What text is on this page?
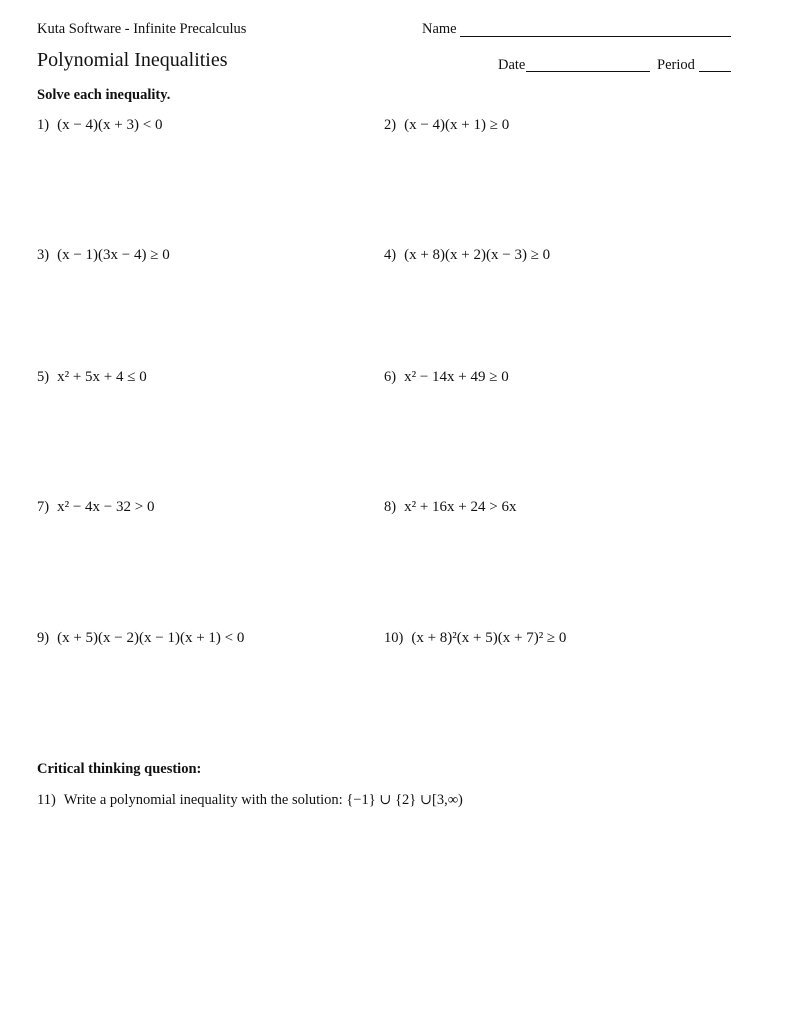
Kuta Software - Infinite Precalculus	Name
Polynomial Inequalities	Date	Period
Solve each inequality.
1) (x − 4)(x + 3) < 0	2) (x − 4)(x + 1) ≥ 0
3) (x − 1)(3x − 4) ≥ 0	4) (x + 8)(x + 2)(x − 3) ≥ 0
5) x² + 5x + 4 ≤ 0	6) x² − 14x + 49 ≥ 0
7) x² − 4x − 32 > 0	8) x² + 16x + 24 > 6x
9) (x + 5)(x − 2)(x − 1)(x + 1) < 0	10) (x + 8)²(x + 5)(x + 7)² ≥ 0
Critical thinking question:
11) Write a polynomial inequality with the solution: {−1} ∪ {2} ∪[3,∞)
